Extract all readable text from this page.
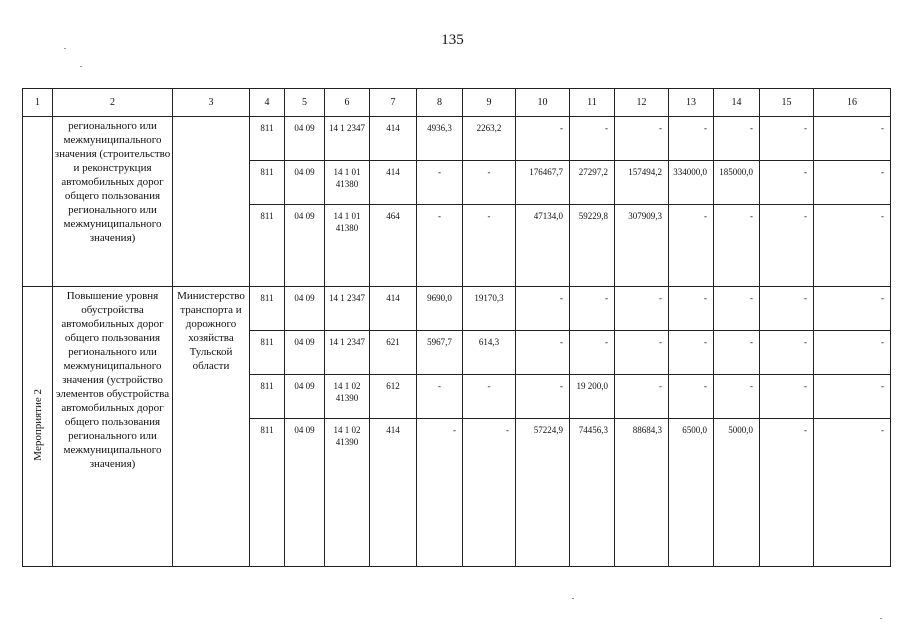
135
1	2	3	4	5	6	7	8	9	10	11	12	13	14	15	16
	регионального или межмуниципального значения (строительство и реконструкция автомобильных дорог общего пользования регионального или межмуниципального значения)		811	04 09	14 1 2347	414	4936,3	2263,2	-	-	-	-	-	-	-
			811	04 09	14 1 01 41380	414	-	-	176467,7	27297,2	157494,2	334000,0	185000,0	-	-
			811	04 09	14 1 01 41380	464	-	-	47134,0	59229,8	307909,3	-	-	-	-
Мероприятие 2	Повышение уровня обустройства автомобильных дорог общего пользования регионального или межмуниципального значения (устройство элементов обустройства автомобильных дорог общего пользования регионального или межмуниципального значения)	Министерство транспорта и дорожного хозяйства Тульской области	811	04 09	14 1 2347	414	9690,0	19170,3	-	-	-	-	-	-	-
			811	04 09	14 1 2347	621	5967,7	614,3	-	-	-	-	-	-	-
			811	04 09	14 1 02 41390	612	-	-	-	19 200,0	-	-	-	-	-
			811	04 09	14 1 02 41390	414	-	-	57224,9	74456,3	88684,3	6500,0	5000,0	-	-
